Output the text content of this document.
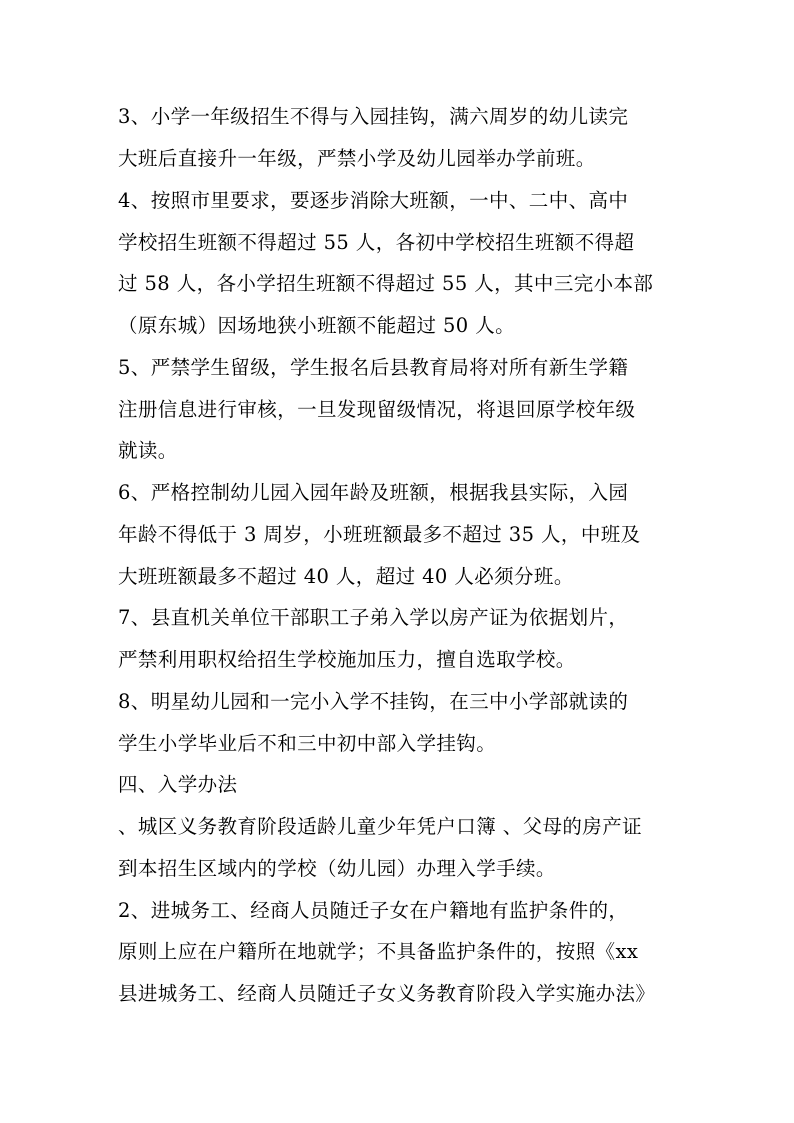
3、小学一年级招生不得与入园挂钩，满六周岁的幼儿读完
大班后直接升一年级，严禁小学及幼儿园举办学前班。
4、按照市里要求，要逐步消除大班额，一中、二中、高中
学校招生班额不得超过 55 人，各初中学校招生班额不得超
过 58 人，各小学招生班额不得超过 55 人，其中三完小本部
（原东城）因场地狭小班额不能超过 50 人。
5、严禁学生留级，学生报名后县教育局将对所有新生学籍
注册信息进行审核，一旦发现留级情况，将退回原学校年级
就读。
6、严格控制幼儿园入园年龄及班额，根据我县实际，入园
年龄不得低于 3 周岁，小班班额最多不超过 35 人，中班及
大班班额最多不超过 40 人，超过 40 人必须分班。
7、县直机关单位干部职工子弟入学以房产证为依据划片，
严禁利用职权给招生学校施加压力，擅自选取学校。
8、明星幼儿园和一完小入学不挂钩，在三中小学部就读的
学生小学毕业后不和三中初中部入学挂钩。
四、入学办法
、城区义务教育阶段适龄儿童少年凭户口簿 、父母的房产证
到本招生区域内的学校（幼儿园）办理入学手续。
2、进城务工、经商人员随迁子女在户籍地有监护条件的，
原则上应在户籍所在地就学；不具备监护条件的，按照《xx
县进城务工、经商人员随迁子女义务教育阶段入学实施办法》
